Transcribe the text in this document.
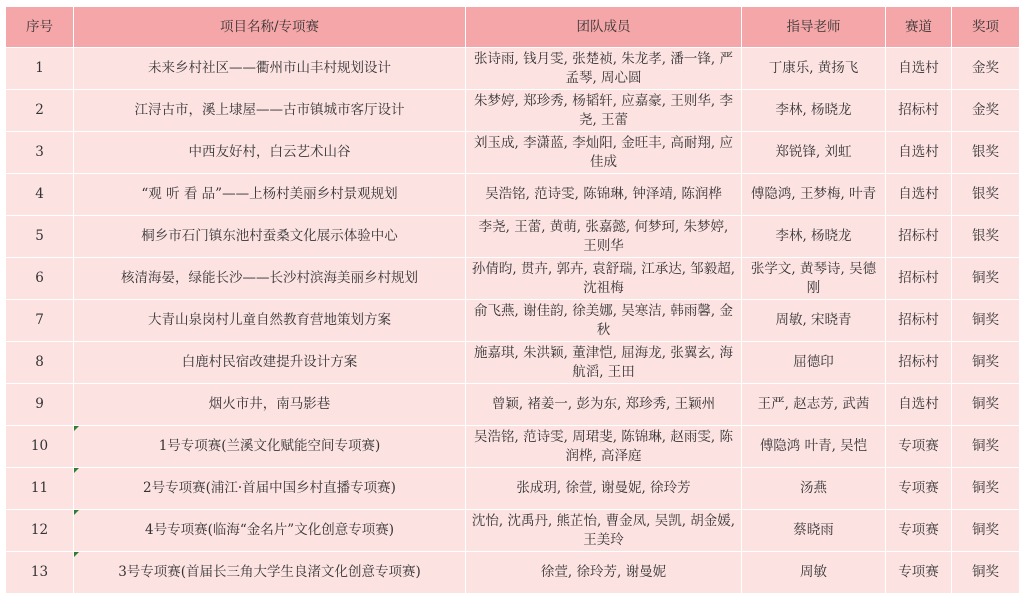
序号	项目名称/专项赛	团队成员	指导老师	赛道	奖项
1	未来乡村社区——衢州市山丰村规划设计	张诗雨, 钱月雯, 张楚祯, 朱龙孝, 潘一锋, 严孟琴, 周心圆	丁康乐, 黄扬飞	自选村	金奖
2	江浔古市，溪上埭屋——古市镇城市客厅设计	朱梦婷, 郑珍秀, 杨韬轩, 应嘉豪, 王则华, 李尧, 王蕾	李林, 杨晓龙	招标村	金奖
3	中西友好村，白云艺术山谷	刘玉成, 李潇蓝, 李灿阳, 金旺丰, 高耐翔, 应佳成	郑锐锋, 刘虹	自选村	银奖
4	“观 听 看 品”——上杨村美丽乡村景观规划	吴浩铭, 范诗雯, 陈锦琳, 钟泽靖, 陈润桦	傅隐鸿, 王梦梅, 叶青	自选村	银奖
5	桐乡市石门镇东池村蚕桑文化展示体验中心	李尧, 王蕾, 黄萌, 张嘉懿, 何梦珂, 朱梦婷, 王则华	李林, 杨晓龙	招标村	银奖
6	核清海晏，绿能长沙——长沙村滨海美丽乡村规划	孙倩昀, 贯卉, 郭卉, 袁舒瑞, 江承达, 邹毅超, 沈祖梅	张学文, 黄琴诗, 吴德刚	招标村	铜奖
7	大青山泉岗村儿童自然教育营地策划方案	俞飞燕, 谢佳韵, 徐美娜, 吴寒洁, 韩雨馨, 金秋	周敏, 宋晓青	招标村	铜奖
8	白鹿村民宿改建提升设计方案	施嘉琪, 朱洪颖, 董津恺, 屈海龙, 张翼玄, 海航滔, 王田	屈德印	招标村	铜奖
9	烟火市井，南马影巷	曾颖, 褚姜一, 彭为东, 郑珍秀, 王颖州	王严, 赵志芳, 武茜	自选村	铜奖
10	1号专项赛(兰溪文化赋能空间专项赛)	吴浩铭, 范诗雯, 周珺斐, 陈锦琳, 赵雨雯, 陈润桦, 高泽庭	傅隐鸿 叶青, 吴恺	专项赛	铜奖
11	2号专项赛(浦江·首届中国乡村直播专项赛)	张成玥, 徐萱, 谢曼妮, 徐玲芳	汤燕	专项赛	铜奖
12	4号专项赛(临海“金名片”文化创意专项赛)	沈怡, 沈禹丹, 熊芷怡, 曹金凤, 吴凯, 胡金媛, 王美玲	蔡晓雨	专项赛	铜奖
13	3号专项赛(首届长三角大学生良渚文化创意专项赛)	徐萱, 徐玲芳, 谢曼妮	周敏	专项赛	铜奖
